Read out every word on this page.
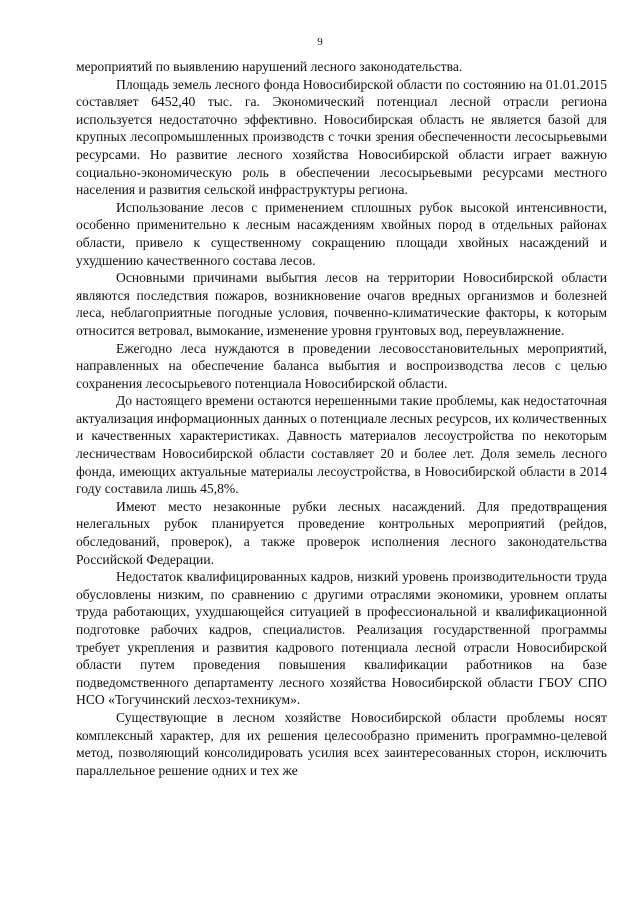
9

мероприятий по выявлению нарушений лесного законодательства.

Площадь земель лесного фонда Новосибирской области по состоянию на 01.01.2015 составляет 6452,40 тыс. га. Экономический потенциал лесной отрасли региона используется недостаточно эффективно. Новосибирская область не является базой для крупных лесопромышленных производств с точки зрения обеспеченности лесосырьевыми ресурсами. Но развитие лесного хозяйства Новосибирской области играет важную социально-экономическую роль в обеспечении лесосырьевыми ресурсами местного населения и развития сельской инфраструктуры региона.

Использование лесов с применением сплошных рубок высокой интенсивности, особенно применительно к лесным насаждениям хвойных пород в отдельных районах области, привело к существенному сокращению площади хвойных насаждений и ухудшению качественного состава лесов.

Основными причинами выбытия лесов на территории Новосибирской области являются последствия пожаров, возникновение очагов вредных организмов и болезней леса, неблагоприятные погодные условия, почвенно-климатические факторы, к которым относится ветровал, вымокание, изменение уровня грунтовых вод, переувлажнение.

Ежегодно леса нуждаются в проведении лесовосстановительных мероприятий, направленных на обеспечение баланса выбытия и воспроизводства лесов с целью сохранения лесосырьевого потенциала Новосибирской области.

До настоящего времени остаются нерешенными такие проблемы, как недостаточная актуализация информационных данных о потенциале лесных ресурсов, их количественных и качественных характеристиках. Давность материалов лесоустройства по некоторым лесничествам Новосибирской области составляет 20 и более лет. Доля земель лесного фонда, имеющих актуальные материалы лесоустройства, в Новосибирской области в 2014 году составила лишь 45,8%.

Имеют место незаконные рубки лесных насаждений. Для предотвращения нелегальных рубок планируется проведение контрольных мероприятий (рейдов, обследований, проверок), а также проверок исполнения лесного законодательства Российской Федерации.

Недостаток квалифицированных кадров, низкий уровень производительности труда обусловлены низким, по сравнению с другими отраслями экономики, уровнем оплаты труда работающих, ухудшающейся ситуацией в профессиональной и квалификационной подготовке рабочих кадров, специалистов. Реализация государственной программы требует укрепления и развития кадрового потенциала лесной отрасли Новосибирской области путем проведения повышения квалификации работников на базе подведомственного департаменту лесного хозяйства Новосибирской области ГБОУ СПО НСО «Тогучинский лесхоз-техникум».

Существующие в лесном хозяйстве Новосибирской области проблемы носят комплексный характер, для их решения целесообразно применить программно-целевой метод, позволяющий консолидировать усилия всех заинтересованных сторон, исключить параллельное решение одних и тех же
